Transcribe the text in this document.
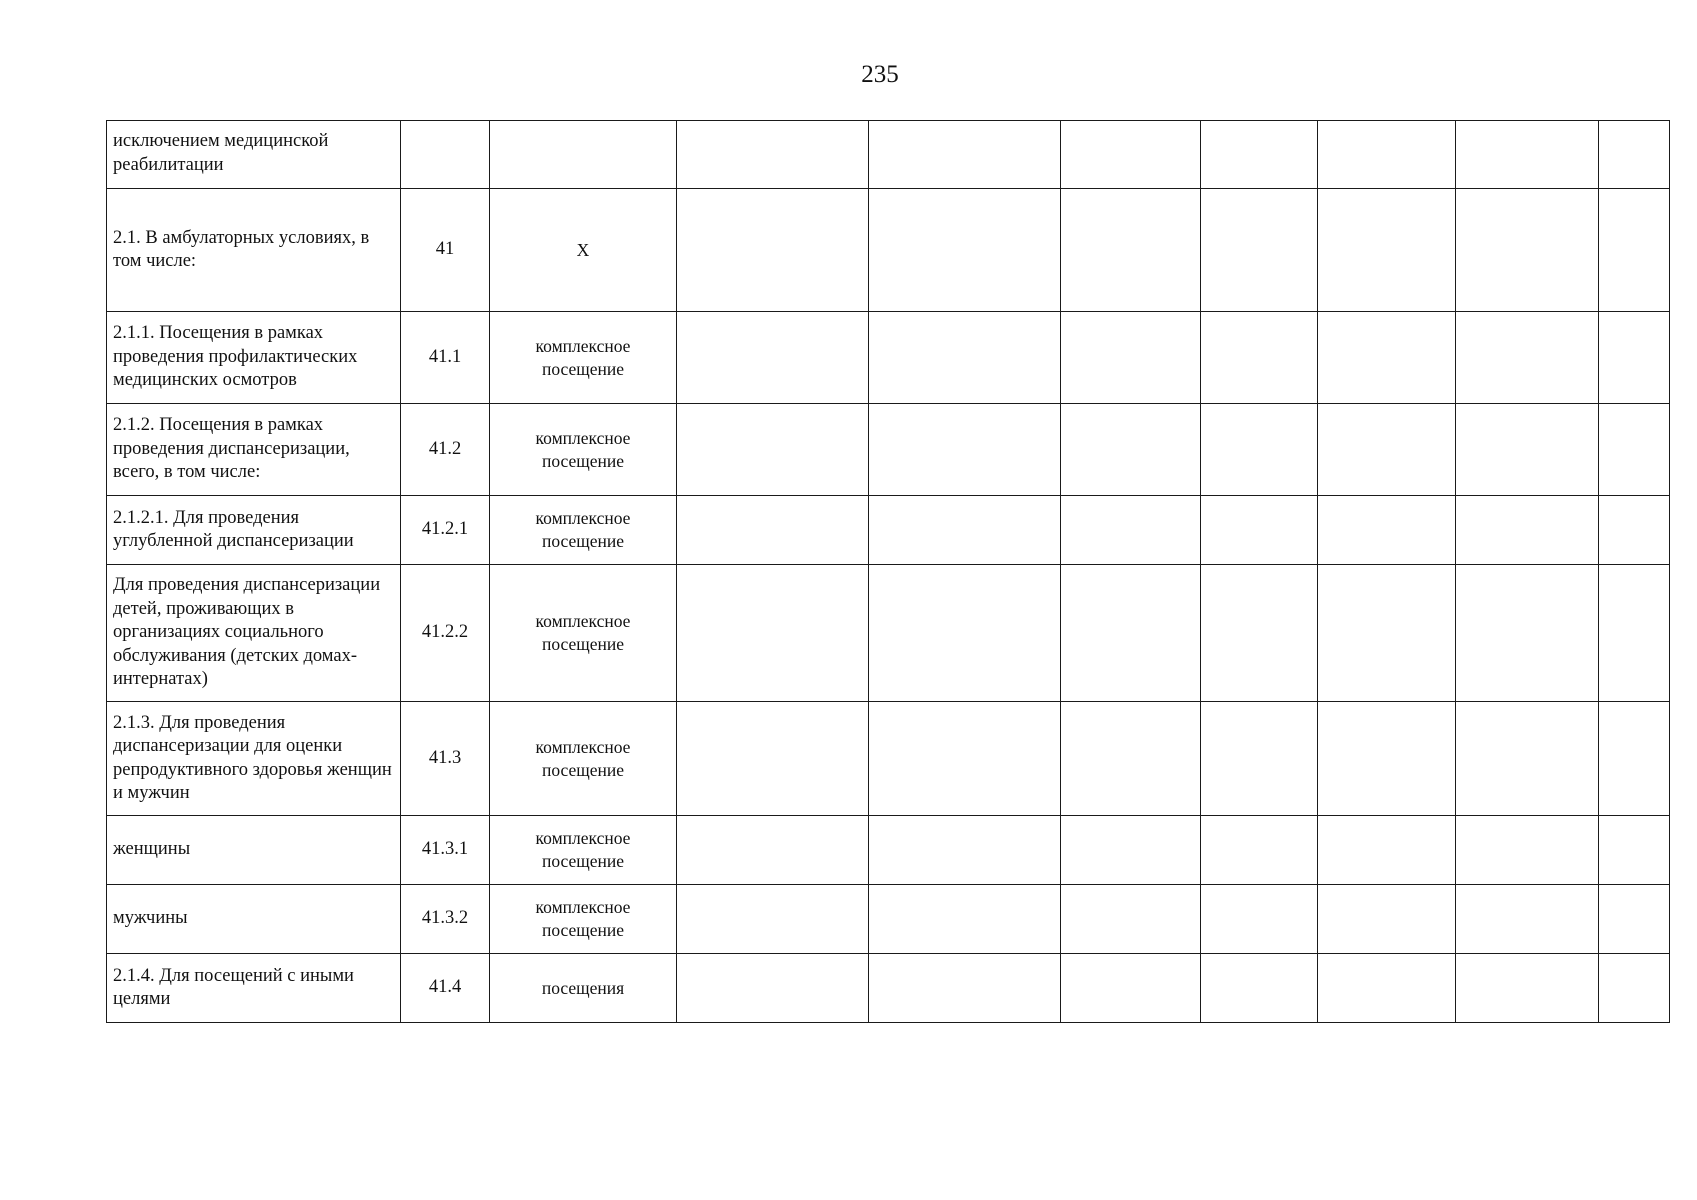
235
исключением медицинской реабилитации									
2.1. В амбулаторных условиях, в том числе:	41	Х							
2.1.1. Посещения в рамках проведения профилактических медицинских осмотров	41.1	комплексное посещение							
2.1.2. Посещения в рамках проведения диспансеризации, всего, в том числе:	41.2	комплексное посещение							
2.1.2.1. Для проведения углубленной диспансеризации	41.2.1	комплексное посещение							
Для проведения диспансеризации детей, проживающих в организациях социального обслуживания (детских домах-интернатах)	41.2.2	комплексное посещение							
2.1.3. Для проведения диспансеризации для оценки репродуктивного здоровья женщин и мужчин	41.3	комплексное посещение							
женщины	41.3.1	комплексное посещение							
мужчины	41.3.2	комплексное посещение							
2.1.4. Для посещений с иными целями	41.4	посещения							
